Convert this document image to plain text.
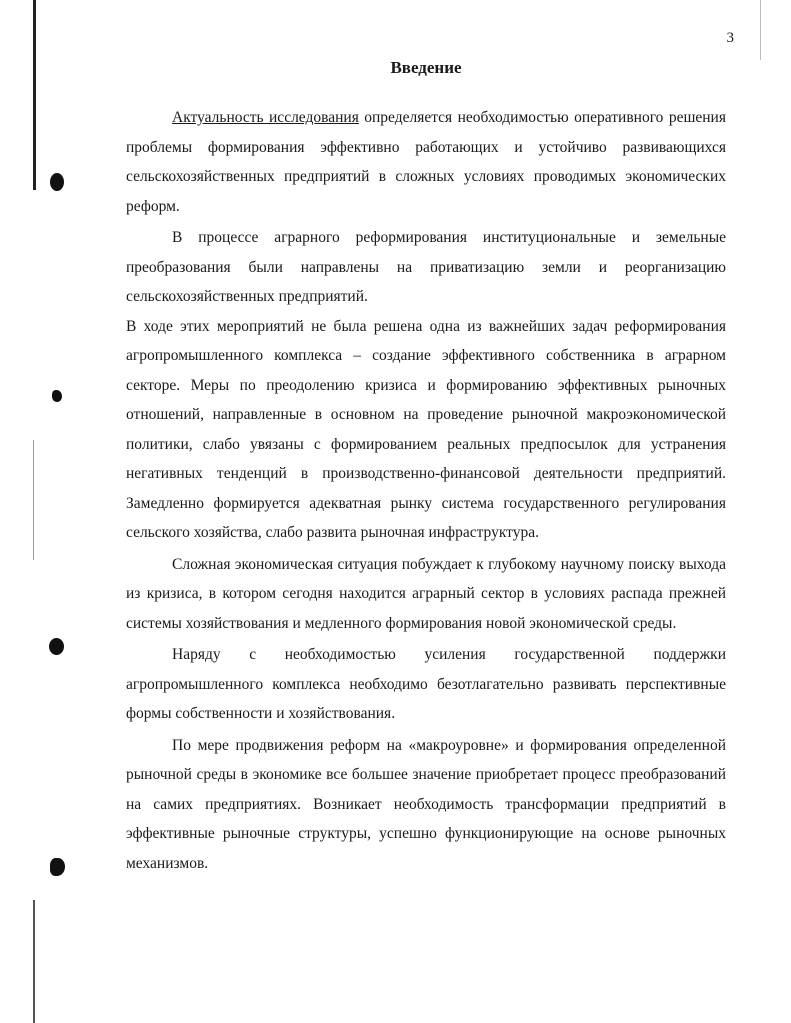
3
Введение

Актуальность исследования определяется необходимостью оперативного решения проблемы формирования эффективно работающих и устойчиво развивающихся сельскохозяйственных предприятий в сложных условиях проводимых экономических реформ.

В процессе аграрного реформирования институциональные и земельные преобразования были направлены на приватизацию земли и реорганизацию сельскохозяйственных предприятий.

В ходе этих мероприятий не была решена одна из важнейших задач реформирования агропромышленного комплекса – создание эффективного собственника в аграрном секторе. Меры по преодолению кризиса и формированию эффективных рыночных отношений, направленные в основном на проведение рыночной макроэкономической политики, слабо увязаны с формированием реальных предпосылок для устранения негативных тенденций в производственно-финансовой деятельности предприятий. Замедленно формируется адекватная рынку система государственного регулирования сельского хозяйства, слабо развита рыночная инфраструктура.

Сложная экономическая ситуация побуждает к глубокому научному поиску выхода из кризиса, в котором сегодня находится аграрный сектор в условиях распада прежней системы хозяйствования и медленного формирования новой экономической среды.

Наряду с необходимостью усиления государственной поддержки агропромышленного комплекса необходимо безотлагательно развивать перспективные формы собственности и хозяйствования.

По мере продвижения реформ на «макроуровне» и формирования определенной рыночной среды в экономике все большее значение приобретает процесс преобразований на самих предприятиях. Возникает необходимость трансформации предприятий в эффективные рыночные структуры, успешно функционирующие на основе рыночных механизмов.
